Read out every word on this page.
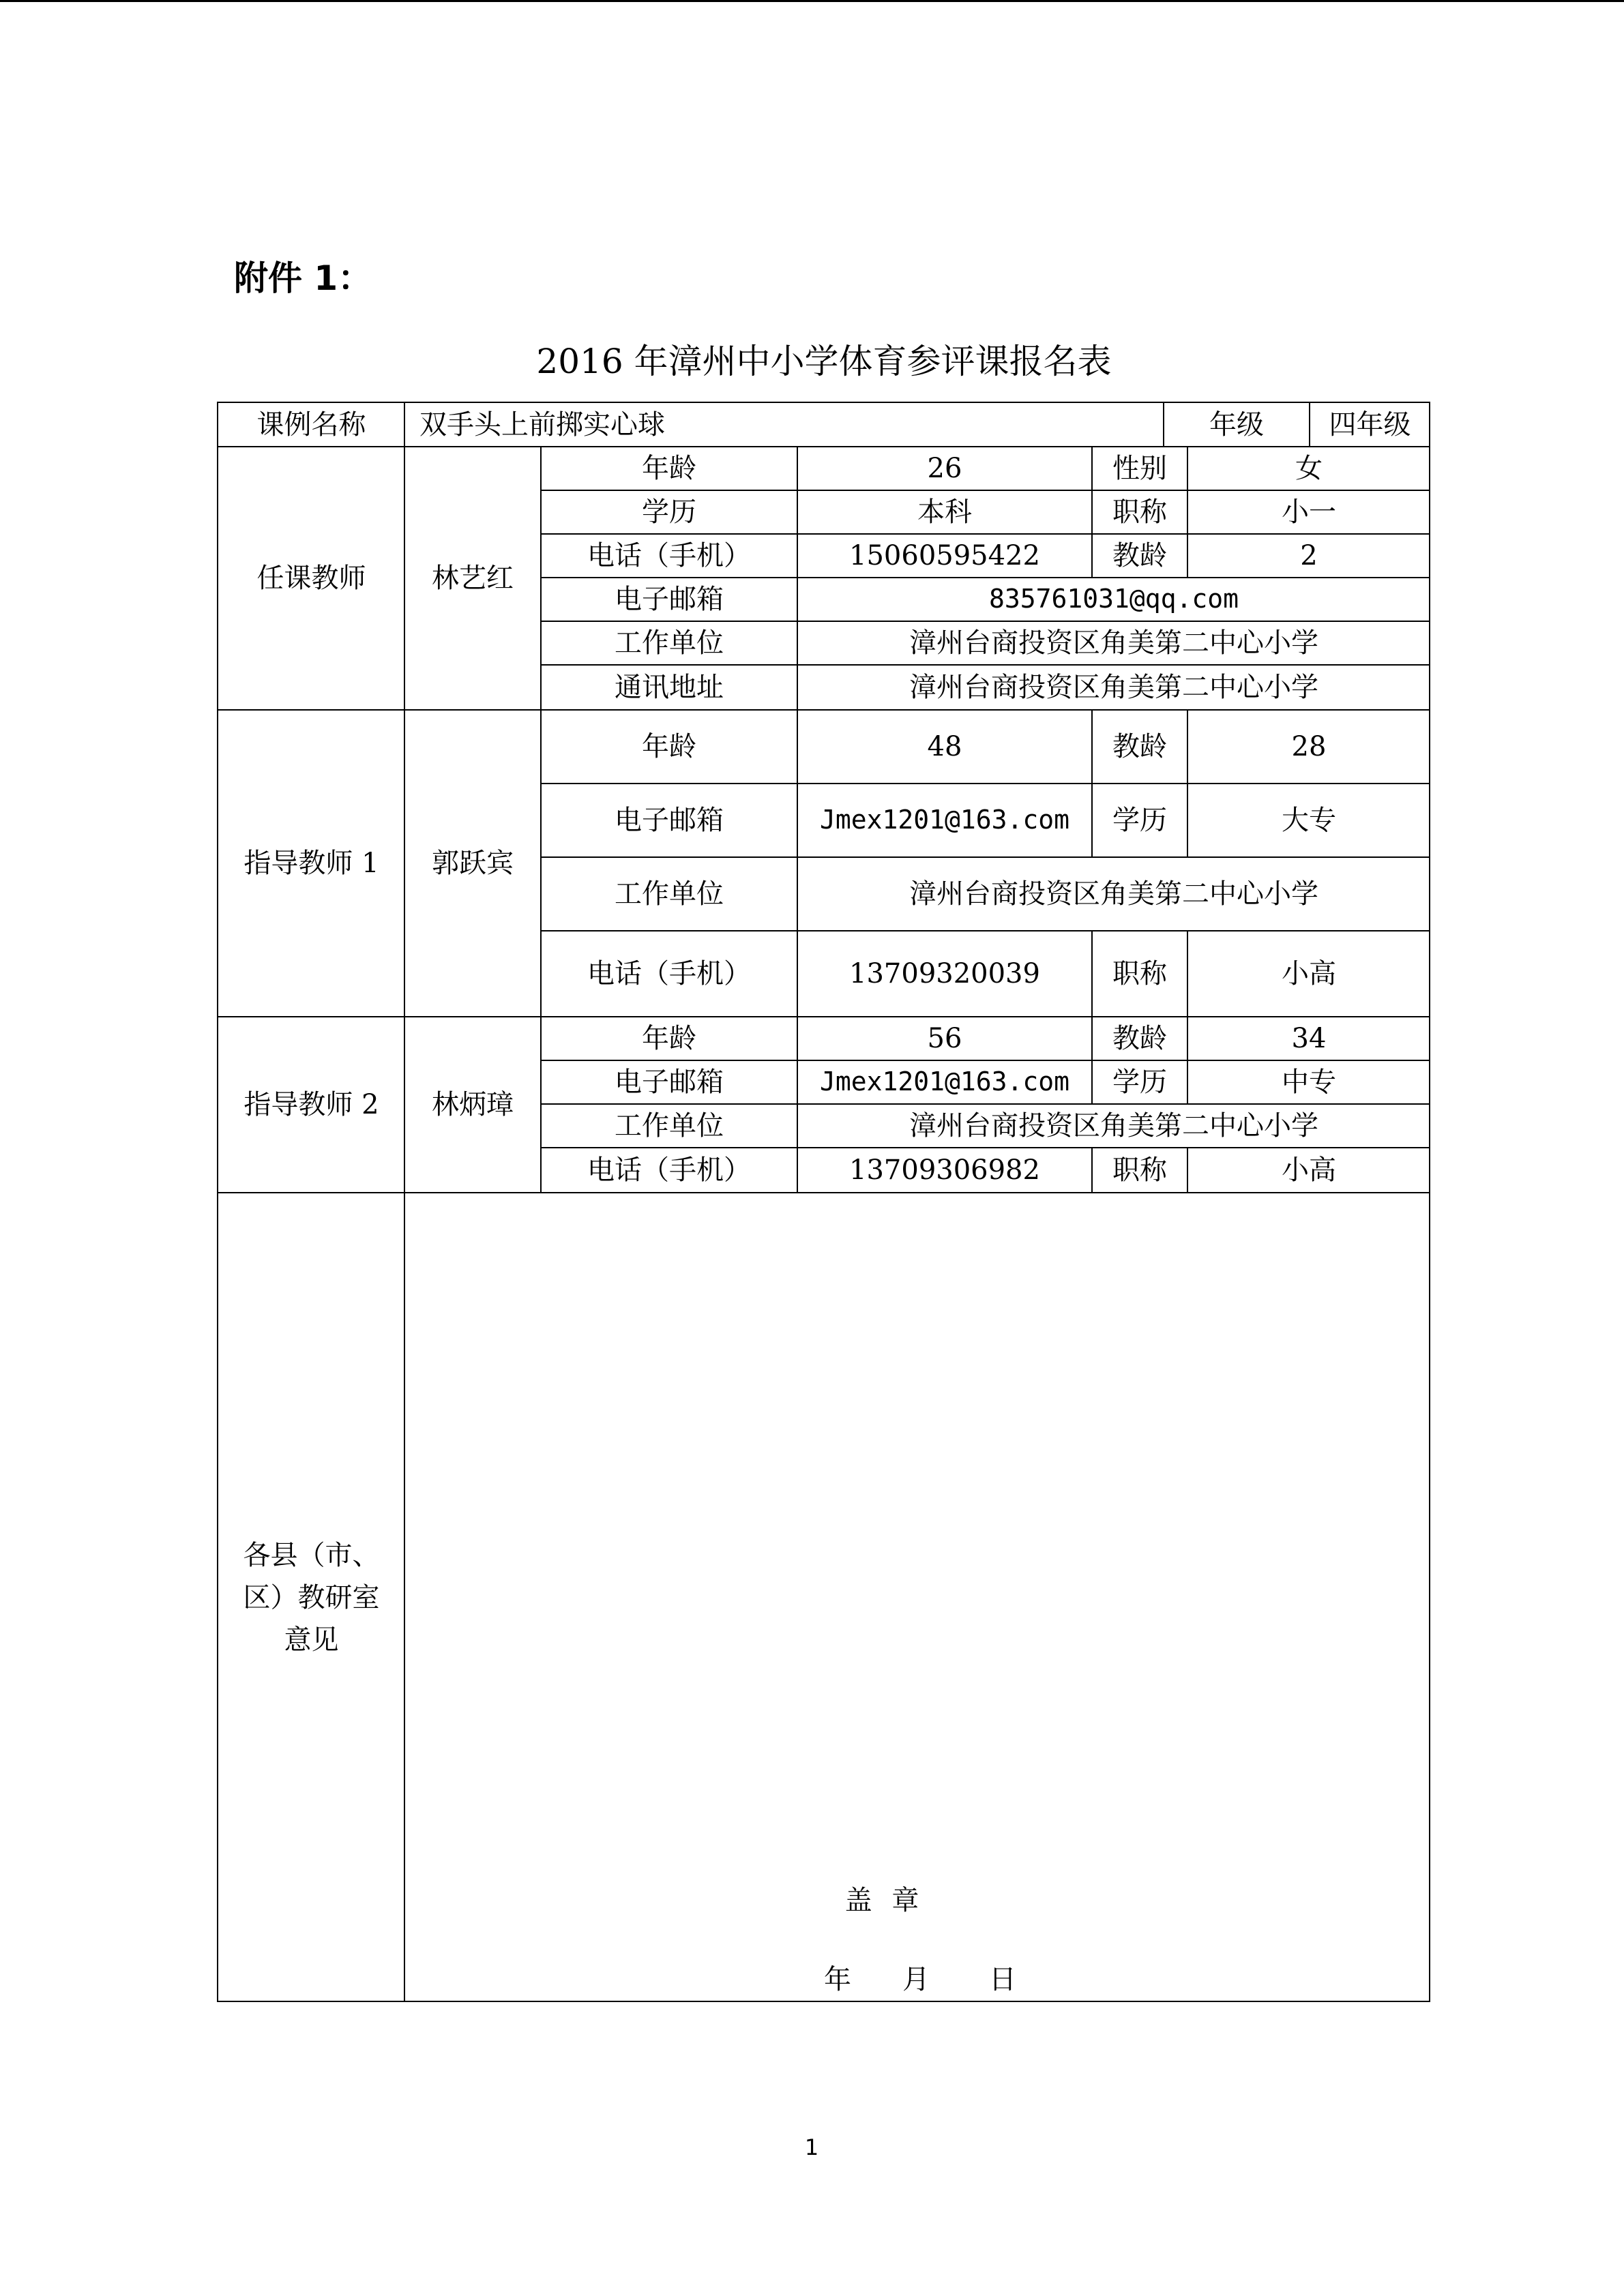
附件 1：
2016 年漳州中小学体育参评课报名表
课例名称	双手头上前掷实心球	年级	四年级
任课教师	林艺红
年龄	26	性别	女
学历	本科	职称	小一
电话（手机）	15060595422	教龄	2
电子邮箱	835761031@qq.com
工作单位	漳州台商投资区角美第二中心小学
通讯地址	漳州台商投资区角美第二中心小学
指导教师 1	郭跃宾
年龄	48	教龄	28
电子邮箱	Jmex1201@163.com	学历	大专
工作单位	漳州台商投资区角美第二中心小学
电话（手机）	13709320039	职称	小高
指导教师 2	林炳璋
年龄	56	教龄	34
电子邮箱	Jmex1201@163.com	学历	中专
工作单位	漳州台商投资区角美第二中心小学
电话（手机）	13709306982	职称	小高
各县（市、
区）教研室
意见
盖 章
年 月 日
1
